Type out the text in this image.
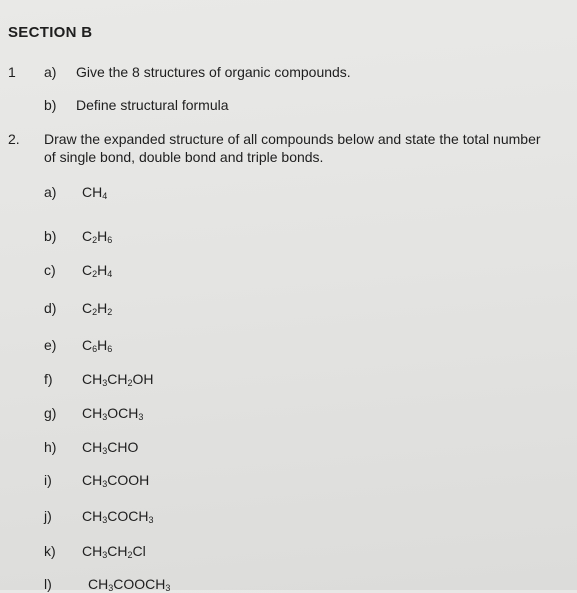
SECTION B
1 a) Give the 8 structures of organic compounds.
b) Define structural formula
2. Draw the expanded structure of all compounds below and state the total number
of single bond, double bond and triple bonds.
a) $CH_4$
b) $C_2H_6$
c) $C_2H_4$
d) $C_2H_2$
e) $C_6H_6$
f) $CH_3CH_2OH$
g) $CH_3OCH_3$
h) $CH_3CHO$
i) $CH_3COOH$
j) $CH_3COCH_3$
k) $CH_3CH_2Cl$
l)	$CH_3COOCH_3$
